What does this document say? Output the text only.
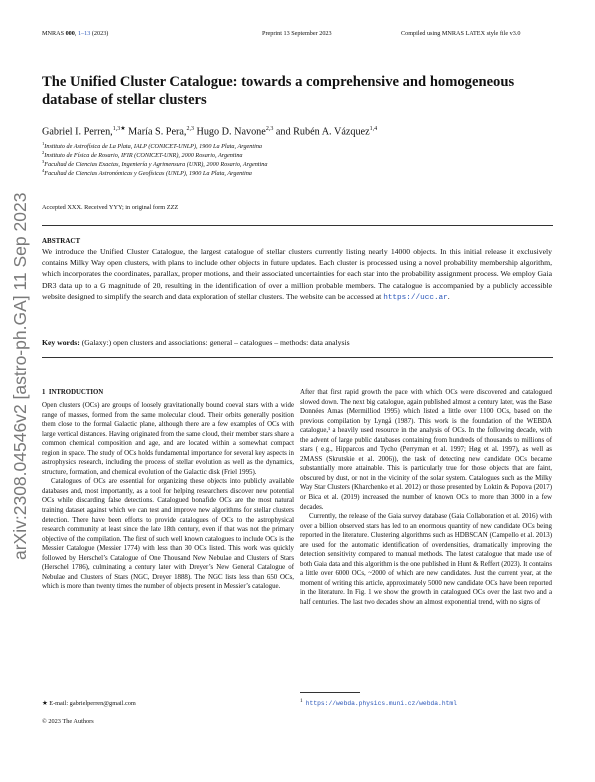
arXiv:2308.04546v2 [astro-ph.GA] 11 Sep 2023
MNRAS 000, 1–13 (2023)	Preprint 13 September 2023	Compiled using MNRAS LATEX style file v3.0
The Unified Cluster Catalogue: towards a comprehensive and homogeneous database of stellar clusters
Gabriel I. Perren,$^{1,3★}$ María S. Pera,$^{2,3}$ Hugo D. Navone$^{2,3}$ and Rubén A. Vázquez$^{1,4}$
$^1$Instituto de Astrofísica de La Plata, IALP (CONICET-UNLP), 1900 La Plata, Argentina
$^2$Instituto de Física de Rosario, IFIR (CONICET-UNR), 2000 Rosario, Argentina
$^3$Facultad de Ciencias Exactas, Ingeniería y Agrimensura (UNR), 2000 Rosario, Argentina
$^4$Facultad de Ciencias Astronómicas y Geofísicas (UNLP), 1900 La Plata, Argentina
Accepted XXX. Received YYY; in original form ZZZ
ABSTRACT
We introduce the Unified Cluster Catalogue, the largest catalogue of stellar clusters currently listing nearly 14000 objects. In this initial release it exclusively contains Milky Way open clusters, with plans to include other objects in future updates. Each cluster is processed using a novel probability membership algorithm, which incorporates the coordinates, parallax, proper motions, and their associated uncertainties for each star into the probability assignment process. We employ Gaia DR3 data up to a G magnitude of 20, resulting in the identification of over a million probable members. The catalogue is accompanied by a publicly accessible website designed to simplify the search and data exploration of stellar clusters. The website can be accessed at https://ucc.ar.
Key words: (Galaxy:) open clusters and associations: general – catalogues – methods: data analysis
1 INTRODUCTION

Open clusters (OCs) are groups of loosely gravitationally bound coeval stars with a wide range of masses, formed from the same molecular cloud. Their orbits generally position them close to the formal Galactic plane, although there are a few examples of OCs with large vertical distances. Having originated from the same cloud, their member stars share a common chemical composition and age, and are located within a somewhat compact region in space. The study of OCs holds fundamental importance for several key aspects in astrophysics research, including the process of stellar evolution as well as the dynamics, structure, formation, and chemical evolution of the Galactic disk (Friel 1995).

Catalogues of OCs are essential for organizing these objects into publicly available databases and, most importantly, as a tool for helping researchers discover new potential OCs while discarding false detections. Catalogued bonafide OCs are the most natural training dataset against which we can test and improve new algorithms for stellar clusters detection. There have been efforts to provide catalogues of OCs to the astrophysical research community at least since the late 18th century, even if that was not the primary objective of the compilation. The first of such well known catalogues to include OCs is the Messier Catalogue (Messier 1774) with less than 30 OCs listed. This work was quickly followed by Herschel’s Catalogue of One Thousand New Nebulae and Clusters of Stars (Herschel 1786), culminating a century later with Dreyer’s New General Catalogue of Nebulae and Clusters of Stars (NGC, Dreyer 1888). The NGC lists less than 650 OCs, which is more than twenty times the number of objects present in Messier’s catalogue.

After that first rapid growth the pace with which OCs were discovered and catalogued slowed down. The next big catalogue, again published almost a century later, was the Base Données Amas (Mermilliod 1995) which listed a little over 1100 OCs, based on the previous compilation by Lyngå (1987). This work is the foundation of the WEBDA catalogue,¹ a heavily used resource in the analysis of OCs. In the following decade, with the advent of large public databases containing from hundreds of thousands to millions of stars ( e.g., Hipparcos and Tycho (Perryman et al. 1997; Høg et al. 1997), as well as 2MASS (Skrutskie et al. 2006)), the task of detecting new candidate OCs became substantially more attainable. This is particularly true for those objects that are faint, obscured by dust, or not in the vicinity of the solar system. Catalogues such as the Milky Way Star Clusters (Kharchenko et al. 2012) or those presented by Loktin & Popova (2017) or Bica et al. (2019) increased the number of known OCs to more than 3000 in a few decades.

Currently, the release of the Gaia survey database (Gaia Collaboration et al. 2016) with over a billion observed stars has led to an enormous quantity of new candidate OCs being reported in the literature. Clustering algorithms such as HDBSCAN (Campello et al. 2013) are used for the automatic identification of overdensities, dramatically improving the detection sensitivity compared to manual methods. The latest catalogue that made use of both Gaia data and this algorithm is the one published in Hunt & Reffert (2023). It contains a little over 6000 OCs, ~2000 of which are new candidates. Just the current year, at the moment of writing this article, approximately 5000 new candidate OCs have been reported in the literature. In Fig. 1 we show the growth in catalogued OCs over the last two and a half centuries. The last two decades show an almost exponential trend, with no signs of

★ E-mail: gabrielperren@gmail.com
© 2023 The Authors
$^1$ https://webda.physics.muni.cz/webda.html
